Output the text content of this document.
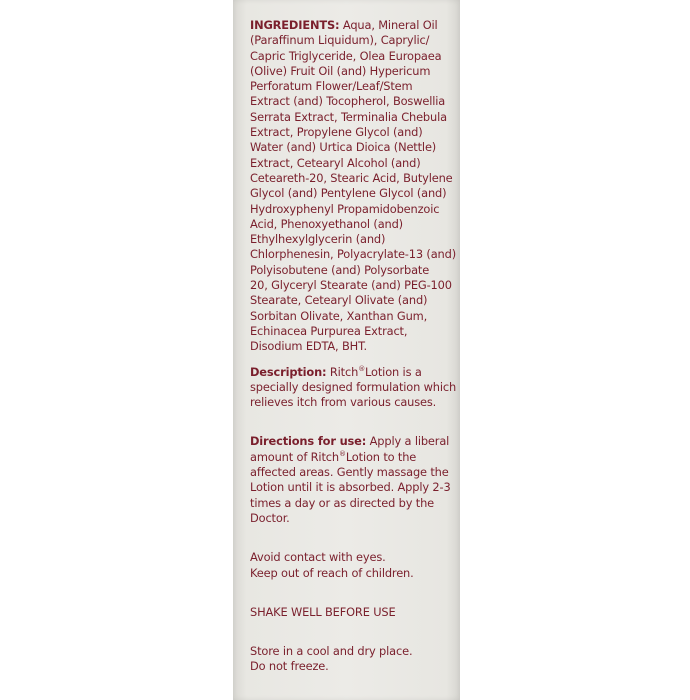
INGREDIENTS: Aqua, Mineral Oil
(Paraffinum Liquidum), Caprylic/
Capric Triglyceride, Olea Europaea
(Olive) Fruit Oil (and) Hypericum
Perforatum Flower/Leaf/Stem
Extract (and) Tocopherol, Boswellia
Serrata Extract, Terminalia Chebula
Extract, Propylene Glycol (and)
Water (and) Urtica Dioica (Nettle)
Extract, Cetearyl Alcohol (and)
Ceteareth-20, Stearic Acid, Butylene
Glycol (and) Pentylene Glycol (and)
Hydroxyphenyl Propamidobenzoic
Acid, Phenoxyethanol (and)
Ethylhexylglycerin (and)
Chlorphenesin, Polyacrylate-13 (and)
Polyisobutene (and) Polysorbate
20, Glyceryl Stearate (and) PEG-100
Stearate, Cetearyl Olivate (and)
Sorbitan Olivate, Xanthan Gum,
Echinacea Purpurea Extract,
Disodium EDTA, BHT.
Description: Ritch®Lotion is a
specially designed formulation which
relieves itch from various causes.
Directions for use: Apply a liberal
amount of Ritch®Lotion to the
affected areas. Gently massage the
Lotion until it is absorbed. Apply 2-3
times a day or as directed by the
Doctor.
Avoid contact with eyes.
Keep out of reach of children.
SHAKE WELL BEFORE USE
Store in a cool and dry place.
Do not freeze.
